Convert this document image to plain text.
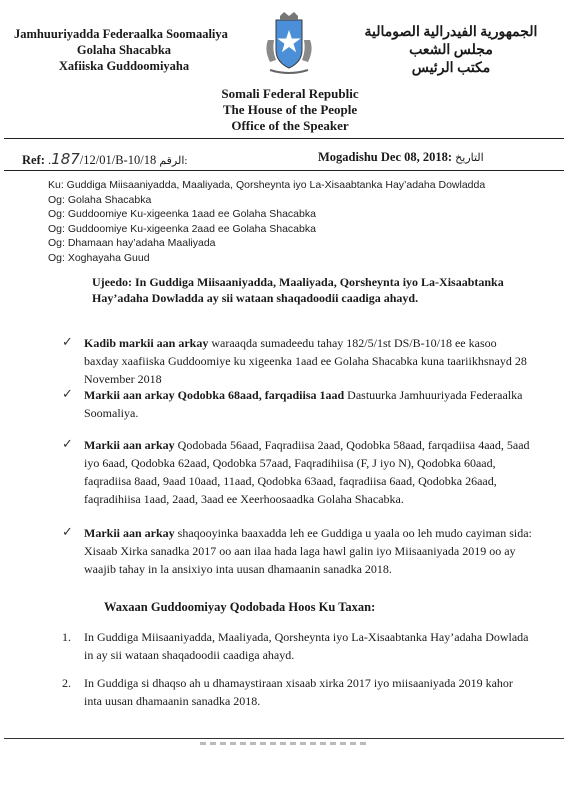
Jamhuuriyadda Federaalka Soomaaliya
Golaha Shacabka
Xafiiska Guddoomiyaha
الجمهورية الفيدرالية الصومالية
مجلس الشعب
مكتب الرئيس
Somali Federal Republic
The House of the People
Office of the Speaker
Ref: .187/12/01/B-10/18 الرقم:	Mogadishu Dec 08, 2018: التاريخ
Ku: Guddiga Miisaaniyadda, Maaliyada, Qorsheynta iyo La-Xisaabtanka Hay’adaha Dowladda
Og: Golaha Shacabka
Og: Guddoomiye Ku-xigeenka 1aad ee Golaha Shacabka
Og: Guddoomiye Ku-xigeenka 2aad ee Golaha Shacabka
Og: Dhamaan hay’adaha Maaliyada
Og: Xoghayaha Guud
Ujeedo: In Guddiga Miisaaniyadda, Maaliyada, Qorsheynta iyo La-Xisaabtanka Hay’adaha Dowladda ay sii wataan shaqadoodii caadiga ahayd.
✓ Kadib markii aan arkay waraaqda sumadeedu tahay 182/5/1st DS/B-10/18 ee kasoo baxday xaafiiska Guddoomiye ku xigeenka 1aad ee Golaha Shacabka kuna taariikhsnayd 28 November 2018
✓ Markii aan arkay Qodobka 68aad, farqadiisa 1aad Dastuurka Jamhuuriyada Federaalka Soomaliya.
✓ Markii aan arkay Qodobada 56aad, Faqradiisa 2aad, Qodobka 58aad, farqadiisa 4aad, 5aad iyo 6aad, Qodobka 62aad, Qodobka 57aad, Faqradihiisa (F, J iyo N), Qodobka 60aad, faqradiisa 8aad, 9aad 10aad, 11aad, Qodobka 63aad, faqradiisa 6aad, Qodobka 26aad, faqradihiisa 1aad, 2aad, 3aad ee Xeerhoosaadka Golaha Shacabka.
✓ Markii aan arkay shaqooyinka baaxadda leh ee Guddiga u yaala oo leh mudo cayiman sida: Xisaab Xirka sanadka 2017 oo aan ilaa hada laga hawl galin iyo Miisaaniyada 2019 oo ay waajib tahay in la ansixiyo inta uusan dhamaanin sanadka 2018.
Waxaan Guddoomiyay Qodobada Hoos Ku Taxan:
1. In Guddiga Miisaaniyadda, Maaliyada, Qorsheynta iyo La-Xisaabtanka Hay’adaha Dowlada in ay sii wataan shaqadoodii caadiga ahayd.
2. In Guddiga si dhaqso ah u dhamaystiraan xisaab xirka 2017 iyo miisaaniyada 2019 kahor inta uusan dhamaanin sanadka 2018.
